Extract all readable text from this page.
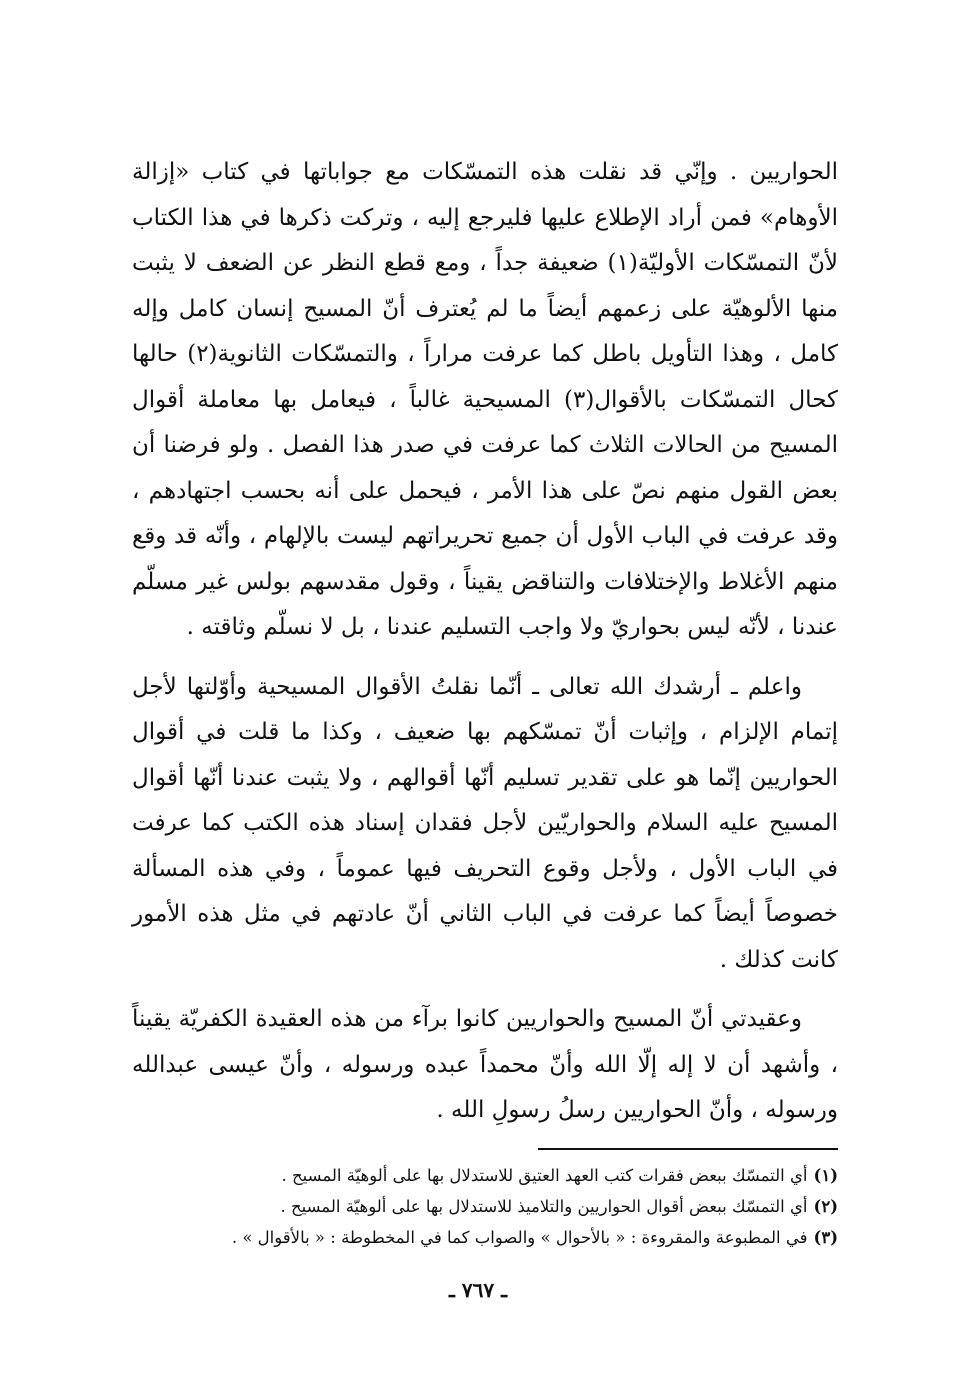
الحواريين . وإنّي قد نقلت هذه التمسّكات مع جواباتها في كتاب «إزالة الأوهام» فمن أراد الإطلاع عليها فليرجع إليه ، وتركت ذكرها في هذا الكتاب لأنّ التمسّكات الأوليّة(١) ضعيفة جداً ، ومع قطع النظر عن الضعف لا يثبت منها الألوهيّة على زعمهم أيضاً ما لم يُعترف أنّ المسيح إنسان كامل وإله كامل ، وهذا التأويل باطل كما عرفت مراراً ، والتمسّكات الثانوية(٢) حالها كحال التمسّكات بالأقوال(٣) المسيحية غالباً ، فيعامل بها معاملة أقوال المسيح من الحالات الثلاث كما عرفت في صدر هذا الفصل . ولو فرضنا أن بعض القول منهم نصّ على هذا الأمر ، فيحمل على أنه بحسب اجتهادهم ، وقد عرفت في الباب الأول أن جميع تحريراتهم ليست بالإلهام ، وأنّه قد وقع منهم الأغلاط والإختلافات والتناقض يقيناً ، وقول مقدسهم بولس غير مسلّم عندنا ، لأنّه ليس بحواريّ ولا واجب التسليم عندنا ، بل لا نسلّم وثاقته .

واعلم ـ أرشدك الله تعالى ـ أنّما نقلتُ الأقوال المسيحية وأوّلتها لأجل إتمام الإلزام ، وإثبات أنّ تمسّكهم بها ضعيف ، وكذا ما قلت في أقوال الحواريين إنّما هو على تقدير تسليم أنّها أقوالهم ، ولا يثبت عندنا أنّها أقوال المسيح عليه السلام والحواريّين لأجل فقدان إسناد هذه الكتب كما عرفت في الباب الأول ، ولأجل وقوع التحريف فيها عموماً ، وفي هذه المسألة خصوصاً أيضاً كما عرفت في الباب الثاني أنّ عادتهم في مثل هذه الأمور كانت كذلك .

وعقيدتي أنّ المسيح والحواريين كانوا برآء من هذه العقيدة الكفريّة يقيناً ، وأشهد أن لا إله إلّا الله وأنّ محمداً عبده ورسوله ، وأنّ عيسى عبدالله ورسوله ، وأنّ الحواريين رسلُ رسولِ الله .

(١)أي التمسّك ببعض فقرات كتب العهد العتيق للاستدلال بها على ألوهيّة المسيح .
(٢)أي التمسّك ببعض أقوال الحواريين والتلاميذ للاستدلال بها على ألوهيّة المسيح .
(٣)في المطبوعة والمقروءة : « بالأحوال » والصواب كما في المخطوطة : « بالأقوال » .
ـ ٧٦٧ ـ
